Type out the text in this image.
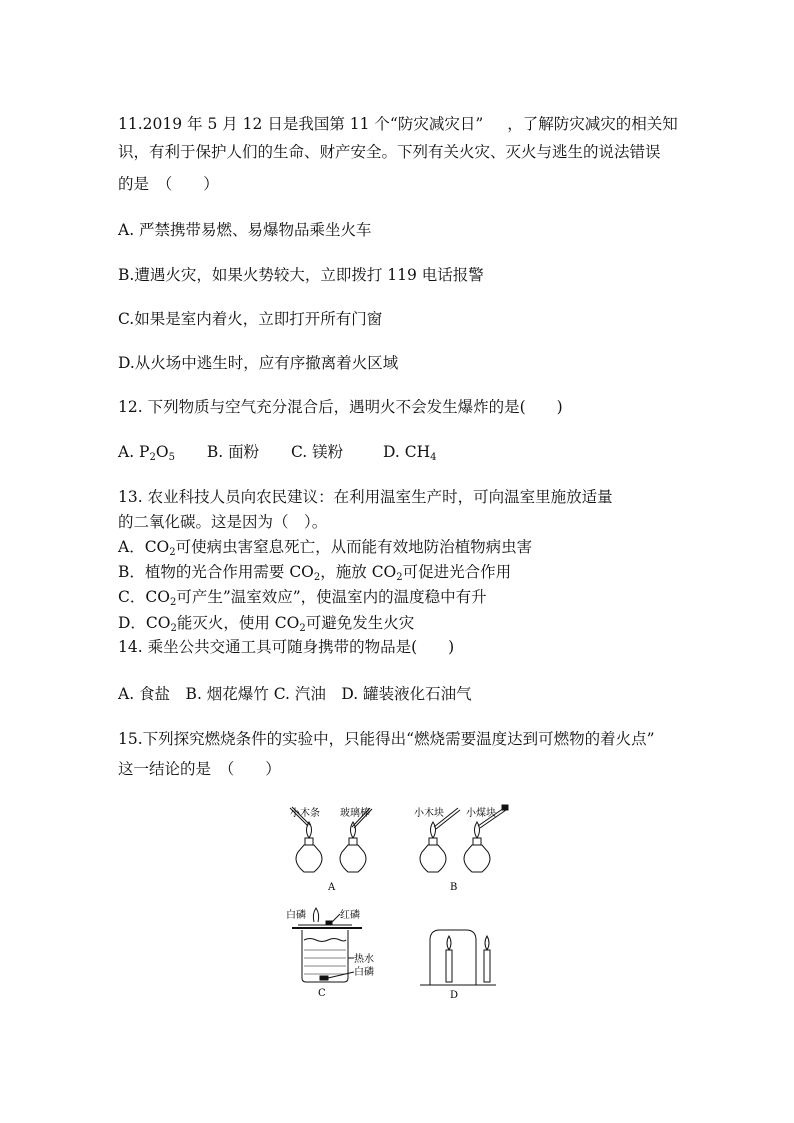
11.2019 年 5 月 12 日是我国第 11 个“防灾减灾日” ，了解防灾减灾的相关知
识，有利于保护人们的生命、财产安全。下列有关火灾、灭火与逃生的说法错误
的是　（　　）
A. 严禁携带易燃、易爆物品乘坐火车
B.遭遇火灾，如果火势较大，立即拨打 119 电话报警
C.如果是室内着火，立即打开所有门窗
D.从火场中逃生时，应有序撤离着火区域
12. 下列物质与空气充分混合后，遇明火不会发生爆炸的是(　　)
A. $P_2O_5$ B. 面粉 C. 镁粉	D. $CH_4$
13. 农业科技人员向农民建议：在利用温室生产时，可向温室里施放适量
的二氧化碳。这是因为（　）。
A．$CO_2$可使病虫害窒息死亡，从而能有效地防治植物病虫害
B．植物的光合作用需要 $CO_2$，施放 $CO_2$可促进光合作用
C．$CO_2$可产生”温室效应”，使温室内的温度稳中有升
D．$CO_2$能灭火，使用 $CO_2$可避免发生火灾
14. 乘坐公共交通工具可随身携带的物品是(　　)
A. 食盐　B. 烟花爆竹 C. 汽油　D. 罐装液化石油气
15.下列探究燃烧条件的实验中，只能得出“燃烧需要温度达到可燃物的着火点”
这一结论的是　（　　）
小木条 玻璃棒
A
小木块 小煤块
B
白磷	红磷
热水
白磷
C	D
